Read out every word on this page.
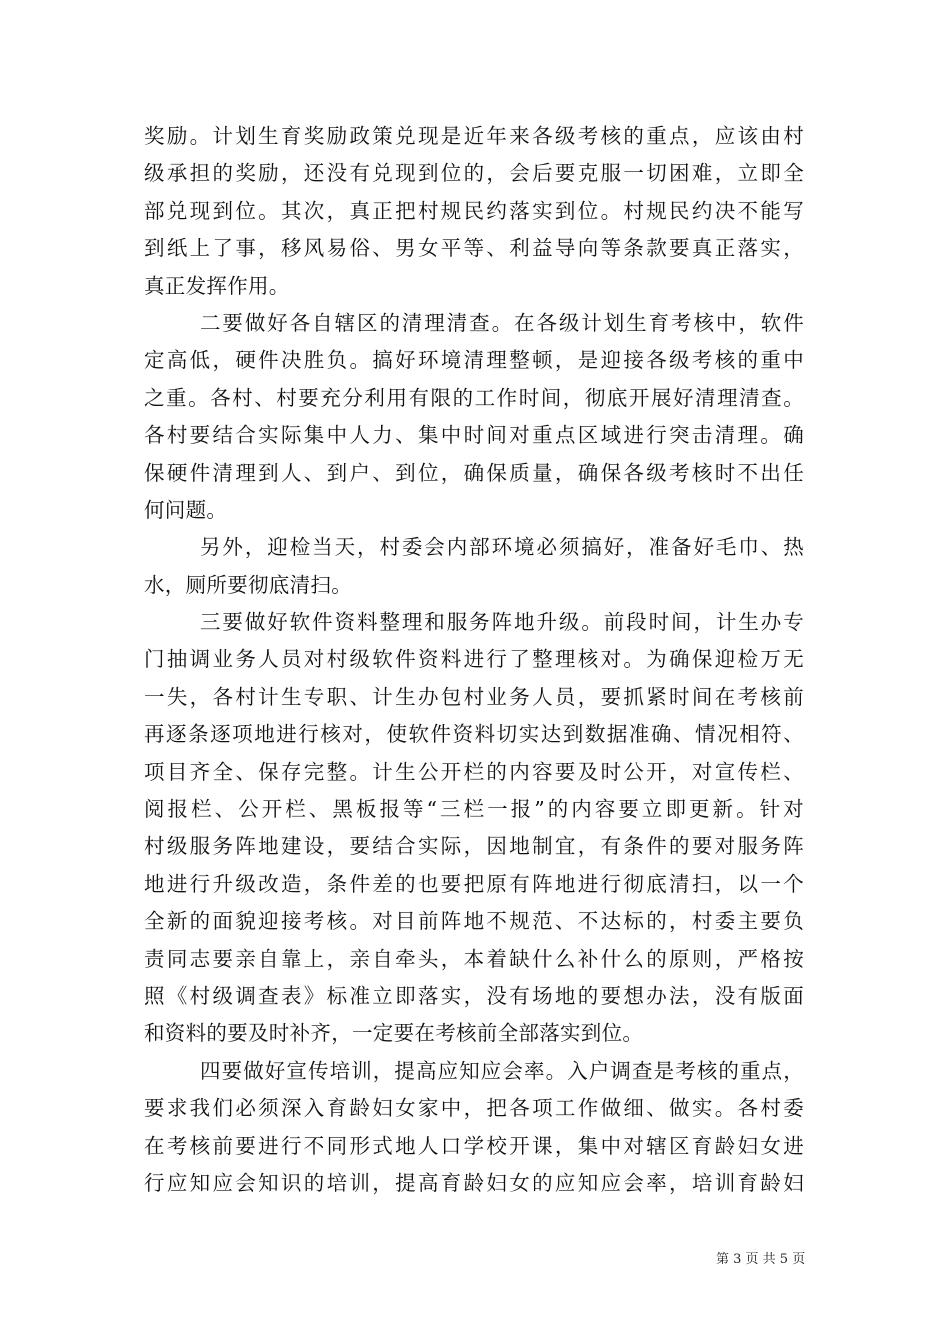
奖励。计划生育奖励政策兑现是近年来各级考核的重点，应该由村
级承担的奖励，还没有兑现到位的，会后要克服一切困难，立即全
部兑现到位。其次，真正把村规民约落实到位。村规民约决不能写
到纸上了事，移风易俗、男女平等、利益导向等条款要真正落实，
真正发挥作用。
二要做好各自辖区的清理清查。在各级计划生育考核中，软件
定高低，硬件决胜负。搞好环境清理整顿，是迎接各级考核的重中
之重。各村、村要充分利用有限的工作时间，彻底开展好清理清查。
各村要结合实际集中人力、集中时间对重点区域进行突击清理。确
保硬件清理到人、到户、到位，确保质量，确保各级考核时不出任
何问题。
另外，迎检当天，村委会内部环境必须搞好，准备好毛巾、热
水，厕所要彻底清扫。
三要做好软件资料整理和服务阵地升级。前段时间，计生办专
门抽调业务人员对村级软件资料进行了整理核对。为确保迎检万无
一失，各村计生专职、计生办包村业务人员，要抓紧时间在考核前
再逐条逐项地进行核对，使软件资料切实达到数据准确、情况相符、
项目齐全、保存完整。计生公开栏的内容要及时公开，对宣传栏、
阅报栏、公开栏、黑板报等“三栏一报”的内容要立即更新。针对
村级服务阵地建设，要结合实际，因地制宜，有条件的要对服务阵
地进行升级改造，条件差的也要把原有阵地进行彻底清扫，以一个
全新的面貌迎接考核。对目前阵地不规范、不达标的，村委主要负
责同志要亲自靠上，亲自牵头，本着缺什么补什么的原则，严格按
照《村级调查表》标准立即落实，没有场地的要想办法，没有版面
和资料的要及时补齐，一定要在考核前全部落实到位。
四要做好宣传培训，提高应知应会率。入户调查是考核的重点，
要求我们必须深入育龄妇女家中，把各项工作做细、做实。各村委
在考核前要进行不同形式地人口学校开课，集中对辖区育龄妇女进
行应知应会知识的培训，提高育龄妇女的应知应会率，培训育龄妇
第 3 页 共 5 页
